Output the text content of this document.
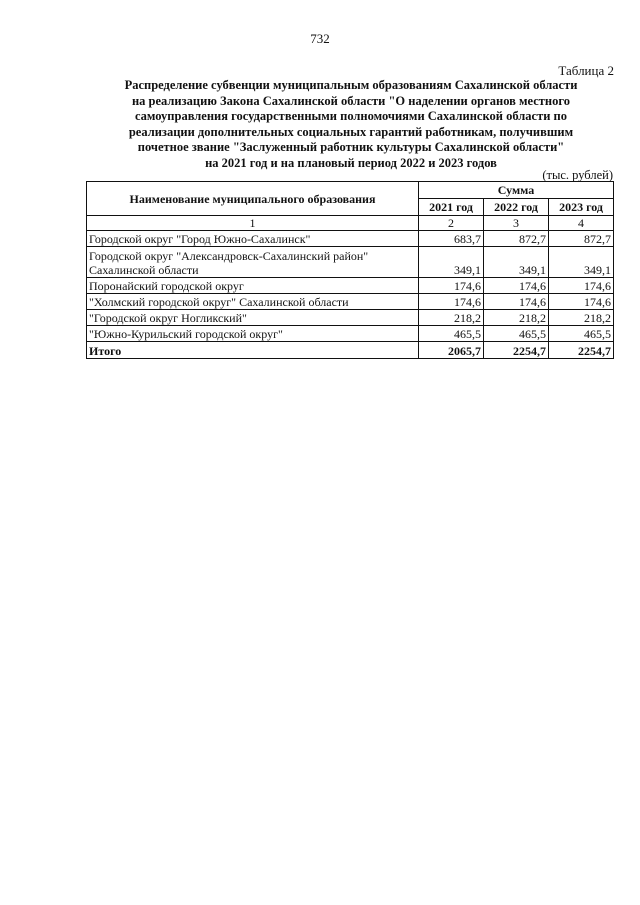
732
Таблица 2
Распределение субвенции муниципальным образованиям Сахалинской области
на реализацию Закона Сахалинской области "О наделении органов местного
самоуправления государственными полномочиями Сахалинской области по
реализации дополнительных социальных гарантий работникам, получившим
почетное звание "Заслуженный работник культуры Сахалинской области"
на 2021 год и на плановый период 2022 и 2023 годов
(тыс. рублей)
Наименование муниципального образования	Сумма		
	2021 год	2022 год	2023 год
1	2	3	4

Городской округ "Город Южно-Сахалинск"	683,7	872,7	872,7

Городской округ "Александровск-Сахалинский район"
Сахалинской области	349,1	349,1	349,1

Поронайский городской округ	174,6	174,6	174,6

"Холмский городской округ" Сахалинской области	174,6	174,6	174,6

"Городской округ Ногликский"	218,2	218,2	218,2

"Южно-Курильский городской округ"	465,5	465,5	465,5
Итого	2065,7	2254,7	2254,7
